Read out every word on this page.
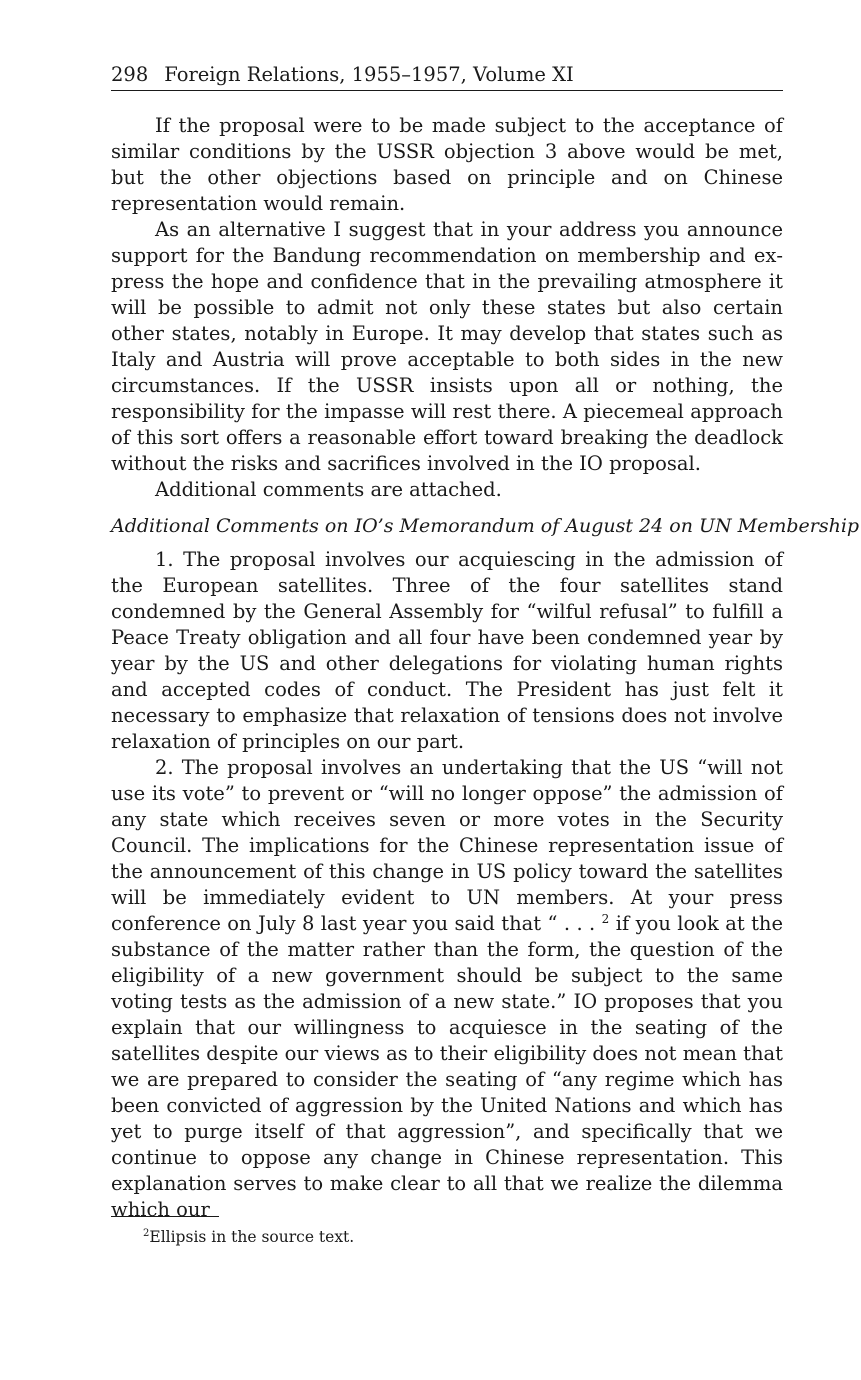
298 Foreign Relations, 1955–1957, Volume XI

If the proposal were to be made subject to the acceptance of similar conditions by the USSR objection 3 above would be met, but the other objections based on principle and on Chinese representation would remain.

As an alternative I suggest that in your address you announce support for the Bandung recommendation on membership and express the hope and confidence that in the prevailing atmosphere it will be possible to admit not only these states but also certain other states, notably in Europe. It may develop that states such as Italy and Austria will prove acceptable to both sides in the new circumstances. If the USSR insists upon all or nothing, the responsibility for the impasse will rest there. A piecemeal approach of this sort offers a reasonable effort toward breaking the deadlock without the risks and sacrifices involved in the IO proposal.

Additional comments are attached.

Additional Comments on IO’s Memorandum of August 24 on UN Membership

1. The proposal involves our acquiescing in the admission of the European satellites. Three of the four satellites stand condemned by the General Assembly for “wilful refusal” to fulfill a Peace Treaty obligation and all four have been condemned year by year by the US and other delegations for violating human rights and accepted codes of conduct. The President has just felt it necessary to emphasize that relaxation of tensions does not involve relaxation of principles on our part.

2. The proposal involves an undertaking that the US “will not use its vote” to prevent or “will no longer oppose” the admission of any state which receives seven or more votes in the Security Council. The implications for the Chinese representation issue of the announcement of this change in US policy toward the satellites will be immediately evident to UN members. At your press conference on July 8 last year you said that “ . . . $^2$ if you look at the substance of the matter rather than the form, the question of the eligibility of a new government should be subject to the same voting tests as the admission of a new state.” IO proposes that you explain that our willingness to acquiesce in the seating of the satellites despite our views as to their eligibility does not mean that we are prepared to consider the seating of “any regime which has been convicted of aggression by the United Nations and which has yet to purge itself of that aggression”, and specifically that we continue to oppose any change in Chinese representation. This explanation serves to make clear to all that we realize the dilemma which our

$^2$Ellipsis in the source text.
